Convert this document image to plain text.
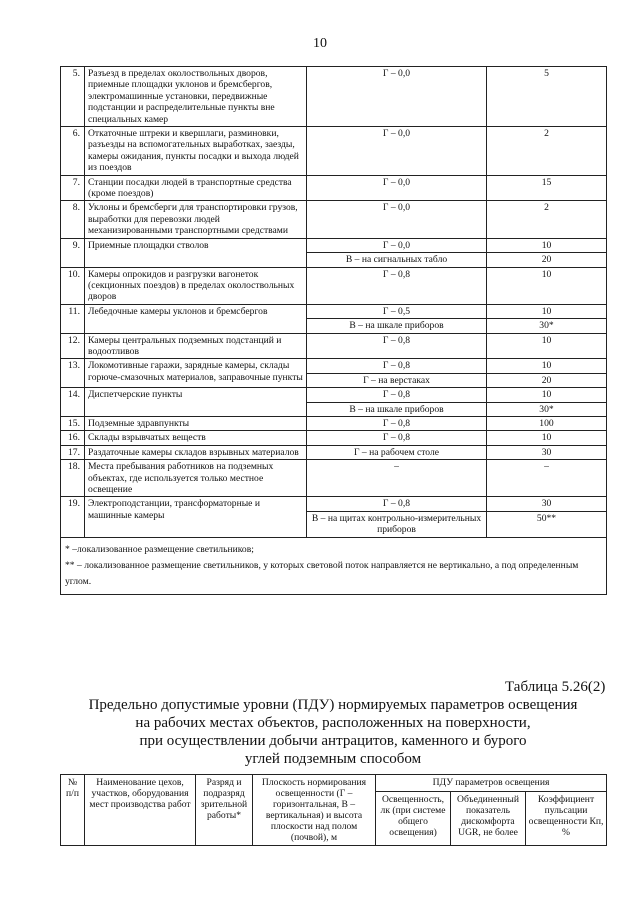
10
5.	Разъезд в пределах околоствольных дворов, приемные площадки уклонов и бремсбергов, электромашинные установки, передвижные подстанции и распределительные пункты вне специальных камер	Г – 0,0	5
6.	Откаточные штреки и квершлаги, разминовки, разъезды на вспомогательных выработках, заезды, камеры ожидания, пункты посадки и выхода людей из поездов	Г – 0,0	2
7.	Станции посадки людей в транспортные средства (кроме поездов)	Г – 0,0	15
8.	Уклоны и бремсберги для транспортировки грузов, выработки для перевозки людей механизированными транспортными средствами	Г – 0,0	2
9.	Приемные площадки стволов	Г – 0,0	10
		В – на сигнальных табло	20
10.	Камеры опрокидов и разгрузки вагонеток (секционных поездов) в пределах околоствольных дворов	Г – 0,8	10
11.	Лебедочные камеры уклонов и бремсбергов	Г – 0,5	10
		В – на шкале приборов	30*
12.	Камеры центральных подземных подстанций и водоотливов	Г – 0,8	10
13.	Локомотивные гаражи, зарядные камеры, склады горюче-смазочных материалов, заправочные пункты	Г – 0,8	10
		Г – на верстаках	20
14.	Диспетчерские пункты	Г – 0,8	10
		В – на шкале приборов	30*
15.	Подземные здравпункты	Г – 0,8	100
16.	Склады взрывчатых веществ	Г – 0,8	10
17.	Раздаточные камеры складов взрывных материалов	Г – на рабочем столе	30
18.	Места пребывания работников на подземных объектах, где используется только местное освещение	–	–
19.	Электроподстанции, трансформаторные и машинные камеры	Г – 0,8	30
		В – на щитах контрольно-измерительных приборов	50**

* –локализованное размещение светильников;
** – локализованное размещение светильников, у которых световой поток направляется не вертикально, а под определенным углом.			
Таблица 5.26(2)
Предельно допустимые уровни (ПДУ) нормируемых параметров освещения
на рабочих местах объектов, расположенных на поверхности,
при осуществлении добычи антрацитов, каменного и бурого
углей подземным способом
№ п/п	Наименование цехов, участков, оборудования мест производства работ	Разряд и подразряд зрительной работы*	Плоскость нормирования освещенности (Г – горизонтальная, В – вертикальная) и высота плоскости над полом (почвой), м	ПДУ параметров освещения		
				Освещенность, лк (при системе общего освещения)	Объединенный показатель дискомфорта UGR, не более	Коэффициент пульсации освещенности Кп, %
